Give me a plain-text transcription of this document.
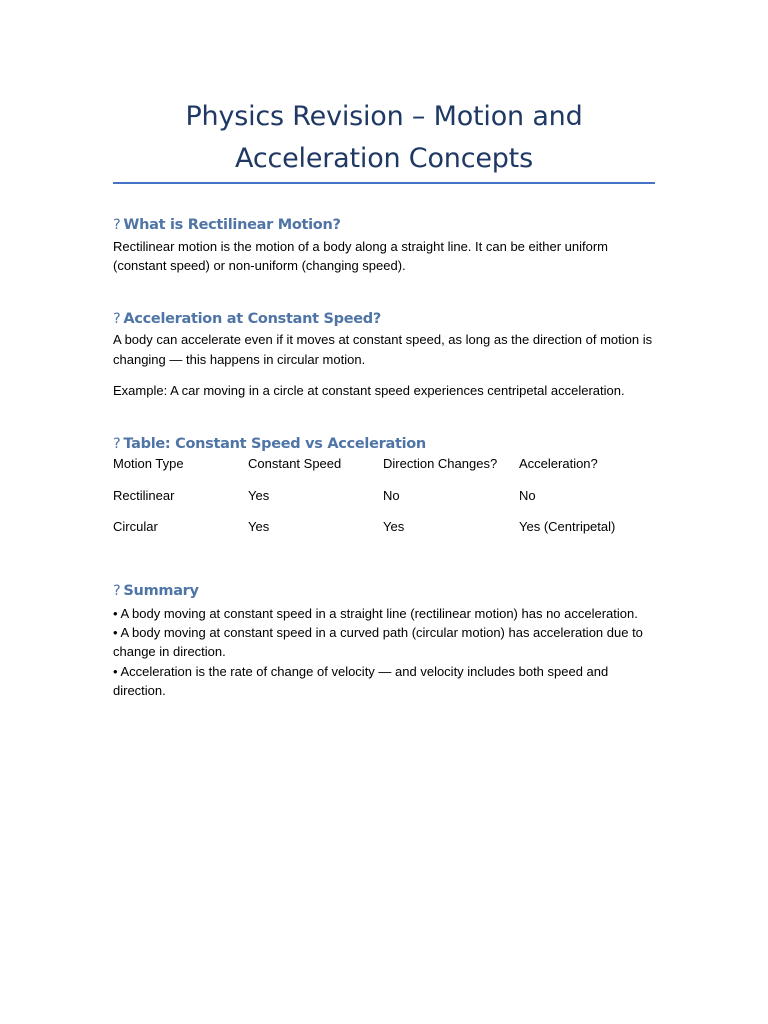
Physics Revision – Motion and Acceleration Concepts
? What is Rectilinear Motion?

Rectilinear motion is the motion of a body along a straight line. It can be either uniform (constant speed) or non-uniform (changing speed).

? Acceleration at Constant Speed?

A body can accelerate even if it moves at constant speed, as long as the direction of motion is changing — this happens in circular motion.

Example: A car moving in a circle at constant speed experiences centripetal acceleration.

? Table: Constant Speed vs Acceleration
Motion Type	Constant Speed	Direction Changes?	Acceleration?
Rectilinear	Yes	No	No
Circular	Yes	Yes	Yes (Centripetal)
? Summary
• A body moving at constant speed in a straight line (rectilinear motion) has no acceleration.
• A body moving at constant speed in a curved path (circular motion) has acceleration due to change in direction.
• Acceleration is the rate of change of velocity — and velocity includes both speed and direction.
